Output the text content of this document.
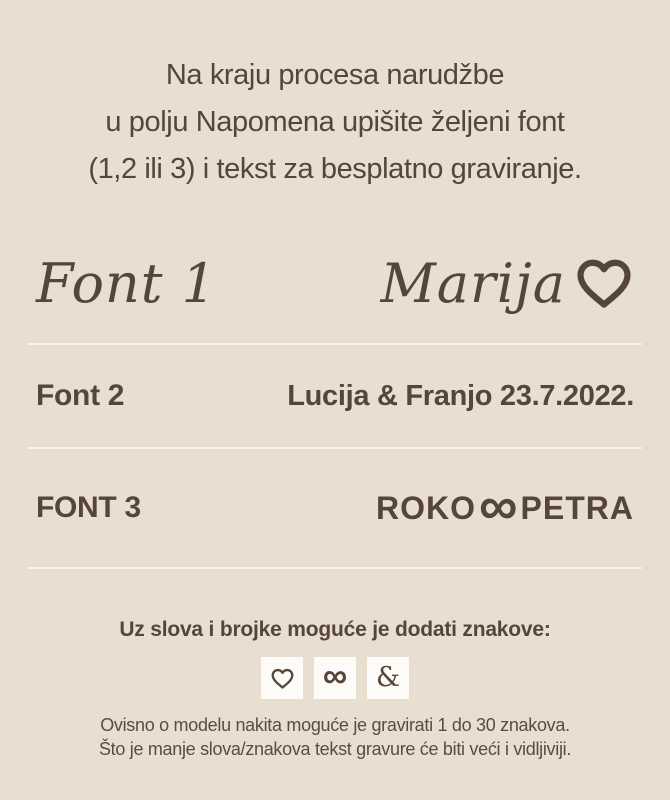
Na kraju procesa narudžbe
u polju Napomena upišite željeni font
(1,2 ili 3) i tekst za besplatno graviranje.
Font 1	Marija
Font 2	Lucija & Franjo 23.7.2022.
FONT 3	ROKO ∞ PETRA
Uz slova i brojke moguće je dodati znakove:
∞ &
Ovisno o modelu nakita moguće je gravirati 1 do 30 znakova.
Što je manje slova/znakova tekst gravure će biti veći i vidljiviji.
